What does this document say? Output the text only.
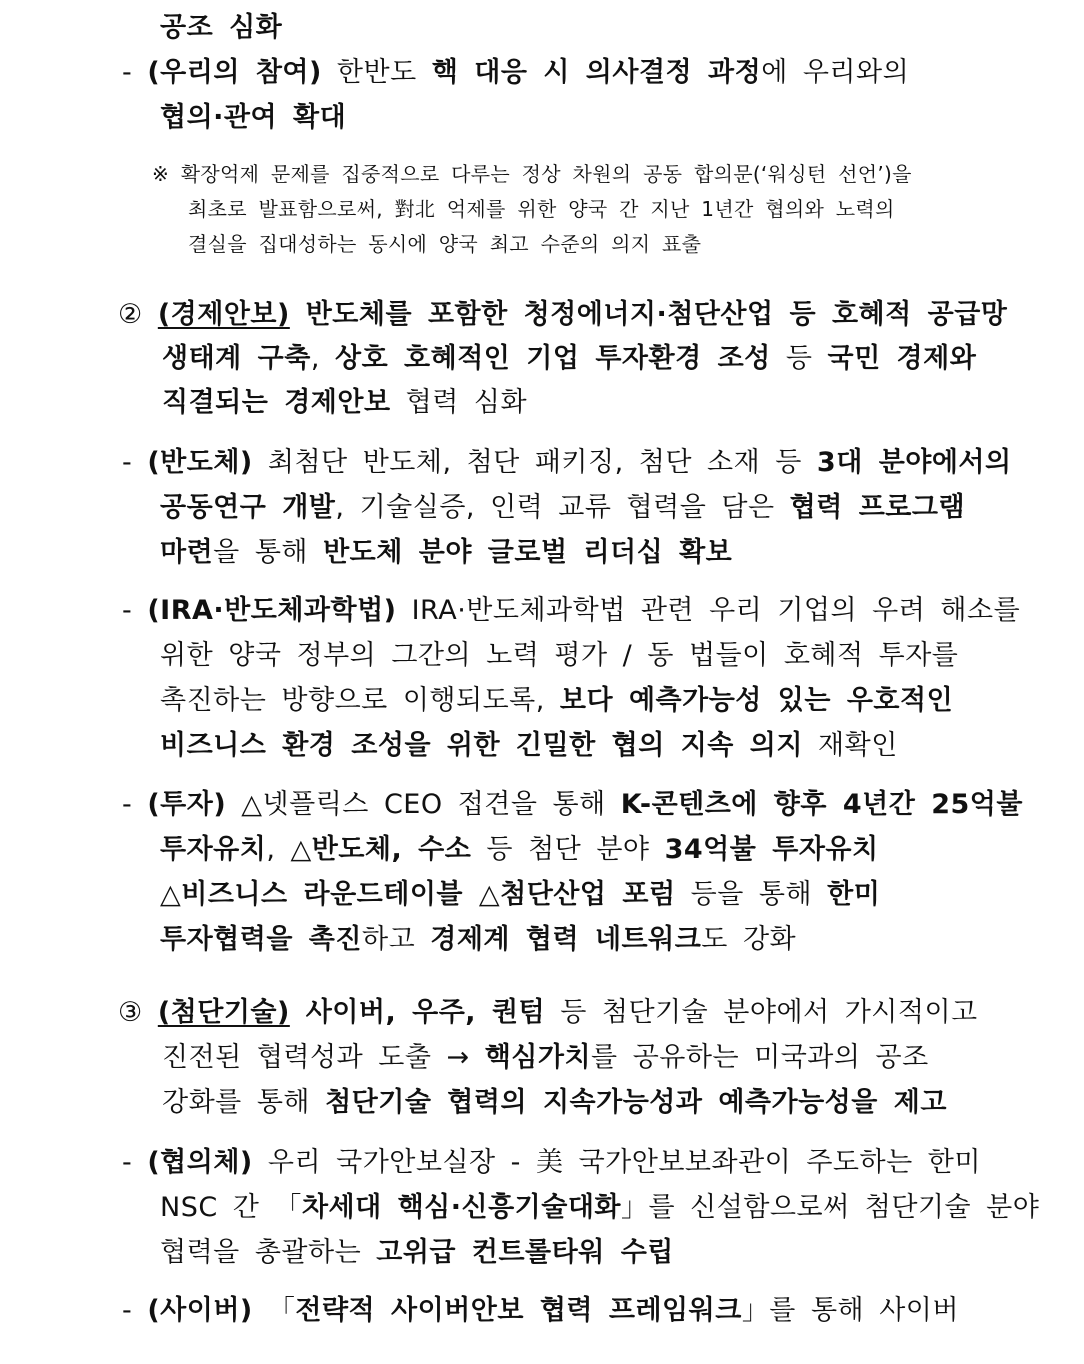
공조 심화
- (우리의 참여) 한반도 핵 대응 시 의사결정 과정에 우리와의
협의·관여 확대
※ 확장억제 문제를 집중적으로 다루는 정상 차원의 공동 합의문(‘워싱턴 선언’)을
최초로 발표함으로써, 對北 억제를 위한 양국 간 지난 1년간 협의와 노력의
결실을 집대성하는 동시에 양국 최고 수준의 의지 표출
② (경제안보) 반도체를 포함한 청정에너지·첨단산업 등 호혜적 공급망
생태계 구축, 상호 호혜적인 기업 투자환경 조성 등 국민 경제와
직결되는 경제안보 협력 심화
- (반도체) 최첨단 반도체, 첨단 패키징, 첨단 소재 등 3대 분야에서의
공동연구 개발, 기술실증, 인력 교류 협력을 담은 협력 프로그램
마련을 통해 반도체 분야 글로벌 리더십 확보
- (IRA·반도체과학법) IRA·반도체과학법 관련 우리 기업의 우려 해소를
위한 양국 정부의 그간의 노력 평가 / 동 법들이 호혜적 투자를
촉진하는 방향으로 이행되도록, 보다 예측가능성 있는 우호적인
비즈니스 환경 조성을 위한 긴밀한 협의 지속 의지 재확인
- (투자) △넷플릭스 CEO 접견을 통해 K-콘텐츠에 향후 4년간 25억불
투자유치, △반도체, 수소 등 첨단 분야 34억불 투자유치
△비즈니스 라운드테이블 △첨단산업 포럼 등을 통해 한미
투자협력을 촉진하고 경제계 협력 네트워크도 강화
③ (첨단기술) 사이버, 우주, 퀀텀 등 첨단기술 분야에서 가시적이고
진전된 협력성과 도출 → 핵심가치를 공유하는 미국과의 공조
강화를 통해 첨단기술 협력의 지속가능성과 예측가능성을 제고
- (협의체) 우리 국가안보실장 - 美 국가안보보좌관이 주도하는 한미
NSC 간 「차세대 핵심·신흥기술대화」를 신설함으로써 첨단기술 분야
협력을 총괄하는 고위급 컨트롤타워 수립
- (사이버) 「전략적 사이버안보 협력 프레임워크」를 통해 사이버
